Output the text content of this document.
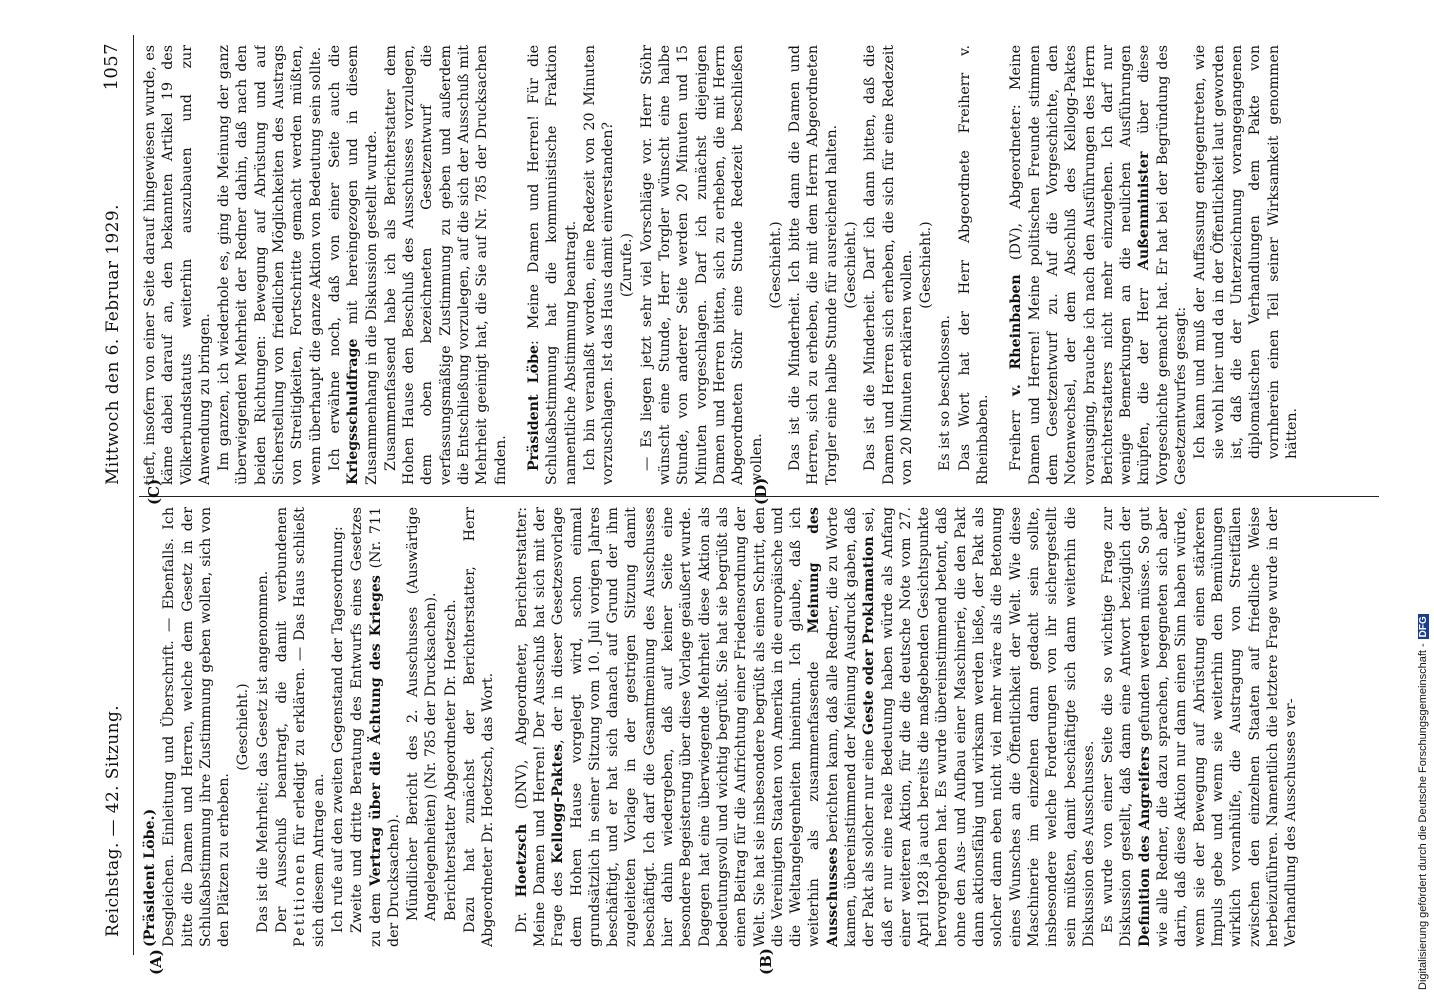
Reichstag. — 42. Sitzung.
Mittwoch den 6. Februar 1929.
1057
(A)	(B)
(C)	(D)

(Präsident Löbe.) Desgleichen. Einleitung und Überschrift. — Ebenfalls. Ich bitte die Damen und Herren, welche dem Gesetz in der Schlußabstimmung ihre Zustimmung geben wollen, sich von den Plätzen zu erheben.

(Geschieht.) Das ist die Mehrheit; das Gesetz ist angenommen. Der Ausschuß beantragt, die damit verbundenen Petitionen für erledigt zu erklären. — Das Haus schließt sich diesem Antrage an. Ich rufe auf den zweiten Gegenstand der Tagesordnung: Zweite und dritte Beratung des Entwurfs eines Gesetzes zu dem Vertrag über die Ächtung des Krieges (Nr. 711 der Drucksachen). Mündlicher Bericht des 2. Ausschusses (Auswärtige Angelegenheiten) (Nr. 785 der Drucksachen). Berichterstatter Abgeordneter Dr. Hoetzsch. Dazu hat zunächst der Berichterstatter, Herr Abgeordneter Dr. Hoetzsch, das Wort. Dr. Hoetzsch (DNV), Abgeordneter, Berichterstatter: Meine Damen und Herren! Der Ausschuß hat sich mit der Frage des Kellogg-Paktes, der in dieser Gesetzesvorlage dem Hohen Hause vorgelegt wird, schon einmal grundsätzlich in seiner Sitzung vom 10. Juli vorigen Jahres beschäftigt, und er hat sich danach auf Grund der ihm zugeleiteten Vorlage in der gestrigen Sitzung damit beschäftigt. Ich darf die Gesamtmeinung des Ausschusses hier dahin wiedergeben, daß auf keiner Seite eine besondere Begeisterung über diese Vorlage geäußert wurde. Dagegen hat eine überwiegende Mehrheit diese Aktion als bedeutungsvoll und wichtig begrüßt. Sie hat sie begrüßt als einen Beitrag für die Aufrichtung einer Friedensordnung der Welt. Sie hat sie insbesondere begrüßt als einen Schritt, den die Vereinigten Staaten von Amerika in die europäische und die Weltangelegenheiten hineintun. Ich glaube, daß ich weiterhin als zusammenfassende Meinung des Ausschusses berichten kann, daß alle Redner, die zu Worte kamen, übereinstimmend der Meinung Ausdruck gaben, daß der Pakt als solcher nur eine Geste oder Proklamation sei, daß er nur eine reale Bedeutung haben würde als Anfang einer weiteren Aktion, für die die deutsche Note vom 27. April 1928 ja auch bereits die maßgebenden Gesichtspunkte hervorgehoben hat. Es wurde übereinstimmend betont, daß ohne den Aus- und Aufbau einer Maschinerie, die den Pakt dann aktionsfähig und wirksam werden ließe, der Pakt als solcher dann eben nicht viel mehr wäre als die Betonung eines Wunsches an die Öffentlichkeit der Welt. Wie diese Maschinerie im einzelnen dann gedacht sein sollte, insbesondere welche Forderungen von ihr sichergestellt sein müßten, damit beschäftigte sich dann weiterhin die Diskussion des Ausschusses. Es wurde von einer Seite die so wichtige Frage zur Diskussion gestellt, daß dann eine Antwort bezüglich der Definition des Angreifers gefunden werden müsse. So gut wie alle Redner, die dazu sprachen, begegneten sich aber darin, daß diese Aktion nur dann einen Sinn haben würde, wenn sie der Bewegung auf Abrüstung einen stärkeren Impuls gebe und wenn sie weiterhin den Bemühungen wirklich voranhülfe, die Austragung von Streitfällen zwischen den einzelnen Staaten auf friedliche Weise herbeizuführen. Namentlich die letztere Frage wurde in der Verhandlung des Ausschusses ver-

tieft, insofern von einer Seite darauf hingewiesen wurde, es käme dabei darauf an, den bekannten Artikel 19 des Völkerbundstatuts weiterhin auszubauen und zur Anwendung zu bringen. Im ganzen, ich wiederhole es, ging die Meinung der ganz überwiegenden Mehrheit der Redner dahin, daß nach den beiden Richtungen: Bewegung auf Abrüstung und auf Sicherstellung von friedlichen Möglichkeiten des Austrags von Streitigkeiten, Fortschritte gemacht werden müßten, wenn überhaupt die ganze Aktion von Bedeutung sein sollte. Ich erwähne noch, daß von einer Seite auch die Kriegsschuldfrage mit hereingezogen und in diesem Zusammenhang in die Diskussion gestellt wurde. Zusammenfassend habe ich als Berichterstatter dem Hohen Hause den Beschluß des Ausschusses vorzulegen, dem oben bezeichneten Gesetzentwurf die verfassungsmäßige Zustimmung zu geben und außerdem die Entschließung vorzulegen, auf die sich der Ausschuß mit Mehrheit geeinigt hat, die Sie auf Nr. 785 der Drucksachen finden. Präsident Löbe: Meine Damen und Herren! Für die Schlußabstimmung hat die kommunistische Fraktion namentliche Abstimmung beantragt. Ich bin veranlaßt worden, eine Redezeit von 20 Minuten vorzuschlagen. Ist das Haus damit einverstanden? (Zurufe.) — Es liegen jetzt sehr viel Vorschläge vor. Herr Stöhr wünscht eine Stunde, Herr Torgler wünscht eine halbe Stunde, von anderer Seite werden 20 Minuten und 15 Minuten vorgeschlagen. Darf ich zunächst diejenigen Damen und Herren bitten, sich zu erheben, die mit Herrn Abgeordneten Stöhr eine Stunde Redezeit beschließen wollen.

(Geschieht.) Das ist die Minderheit. Ich bitte dann die Damen und Herren, sich zu erheben, die mit dem Herrn Abgeordneten Torgler eine halbe Stunde für ausreichend halten. (Geschieht.) Das ist die Minderheit. Darf ich dann bitten, daß die Damen und Herren sich erheben, die sich für eine Redezeit von 20 Minuten erklären wollen. (Geschieht.)

Es ist so beschlossen. Das Wort hat der Herr Abgeordnete Freiherr v. Rheinbaben. Freiherr v. Rheinbaben (DV), Abgeordneter: Meine Damen und Herren! Meine politischen Freunde stimmen dem Gesetzentwurf zu. Auf die Vorgeschichte, den Notenwechsel, der dem Abschluß des Kellogg-Paktes vorausging, brauche ich nach den Ausführungen des Herrn Berichterstatters nicht mehr einzugehen. Ich darf nur wenige Bemerkungen an die neulichen Ausführungen knüpfen, die der Herr Außenminister über diese Vorgeschichte gemacht hat. Er hat bei der Begründung des Gesetzentwurfes gesagt: Ich kann und muß der Auffassung entgegentreten, wie sie wohl hier und da in der Öffentlichkeit laut geworden ist, daß die der Unterzeichnung vorangegangenen diplomatischen Verhandlungen dem Pakte von vornherein einen Teil seiner Wirksamkeit genommen hätten.

Digitalisierung gefördert durch die Deutsche Forschungsgemeinschaft -DFG
